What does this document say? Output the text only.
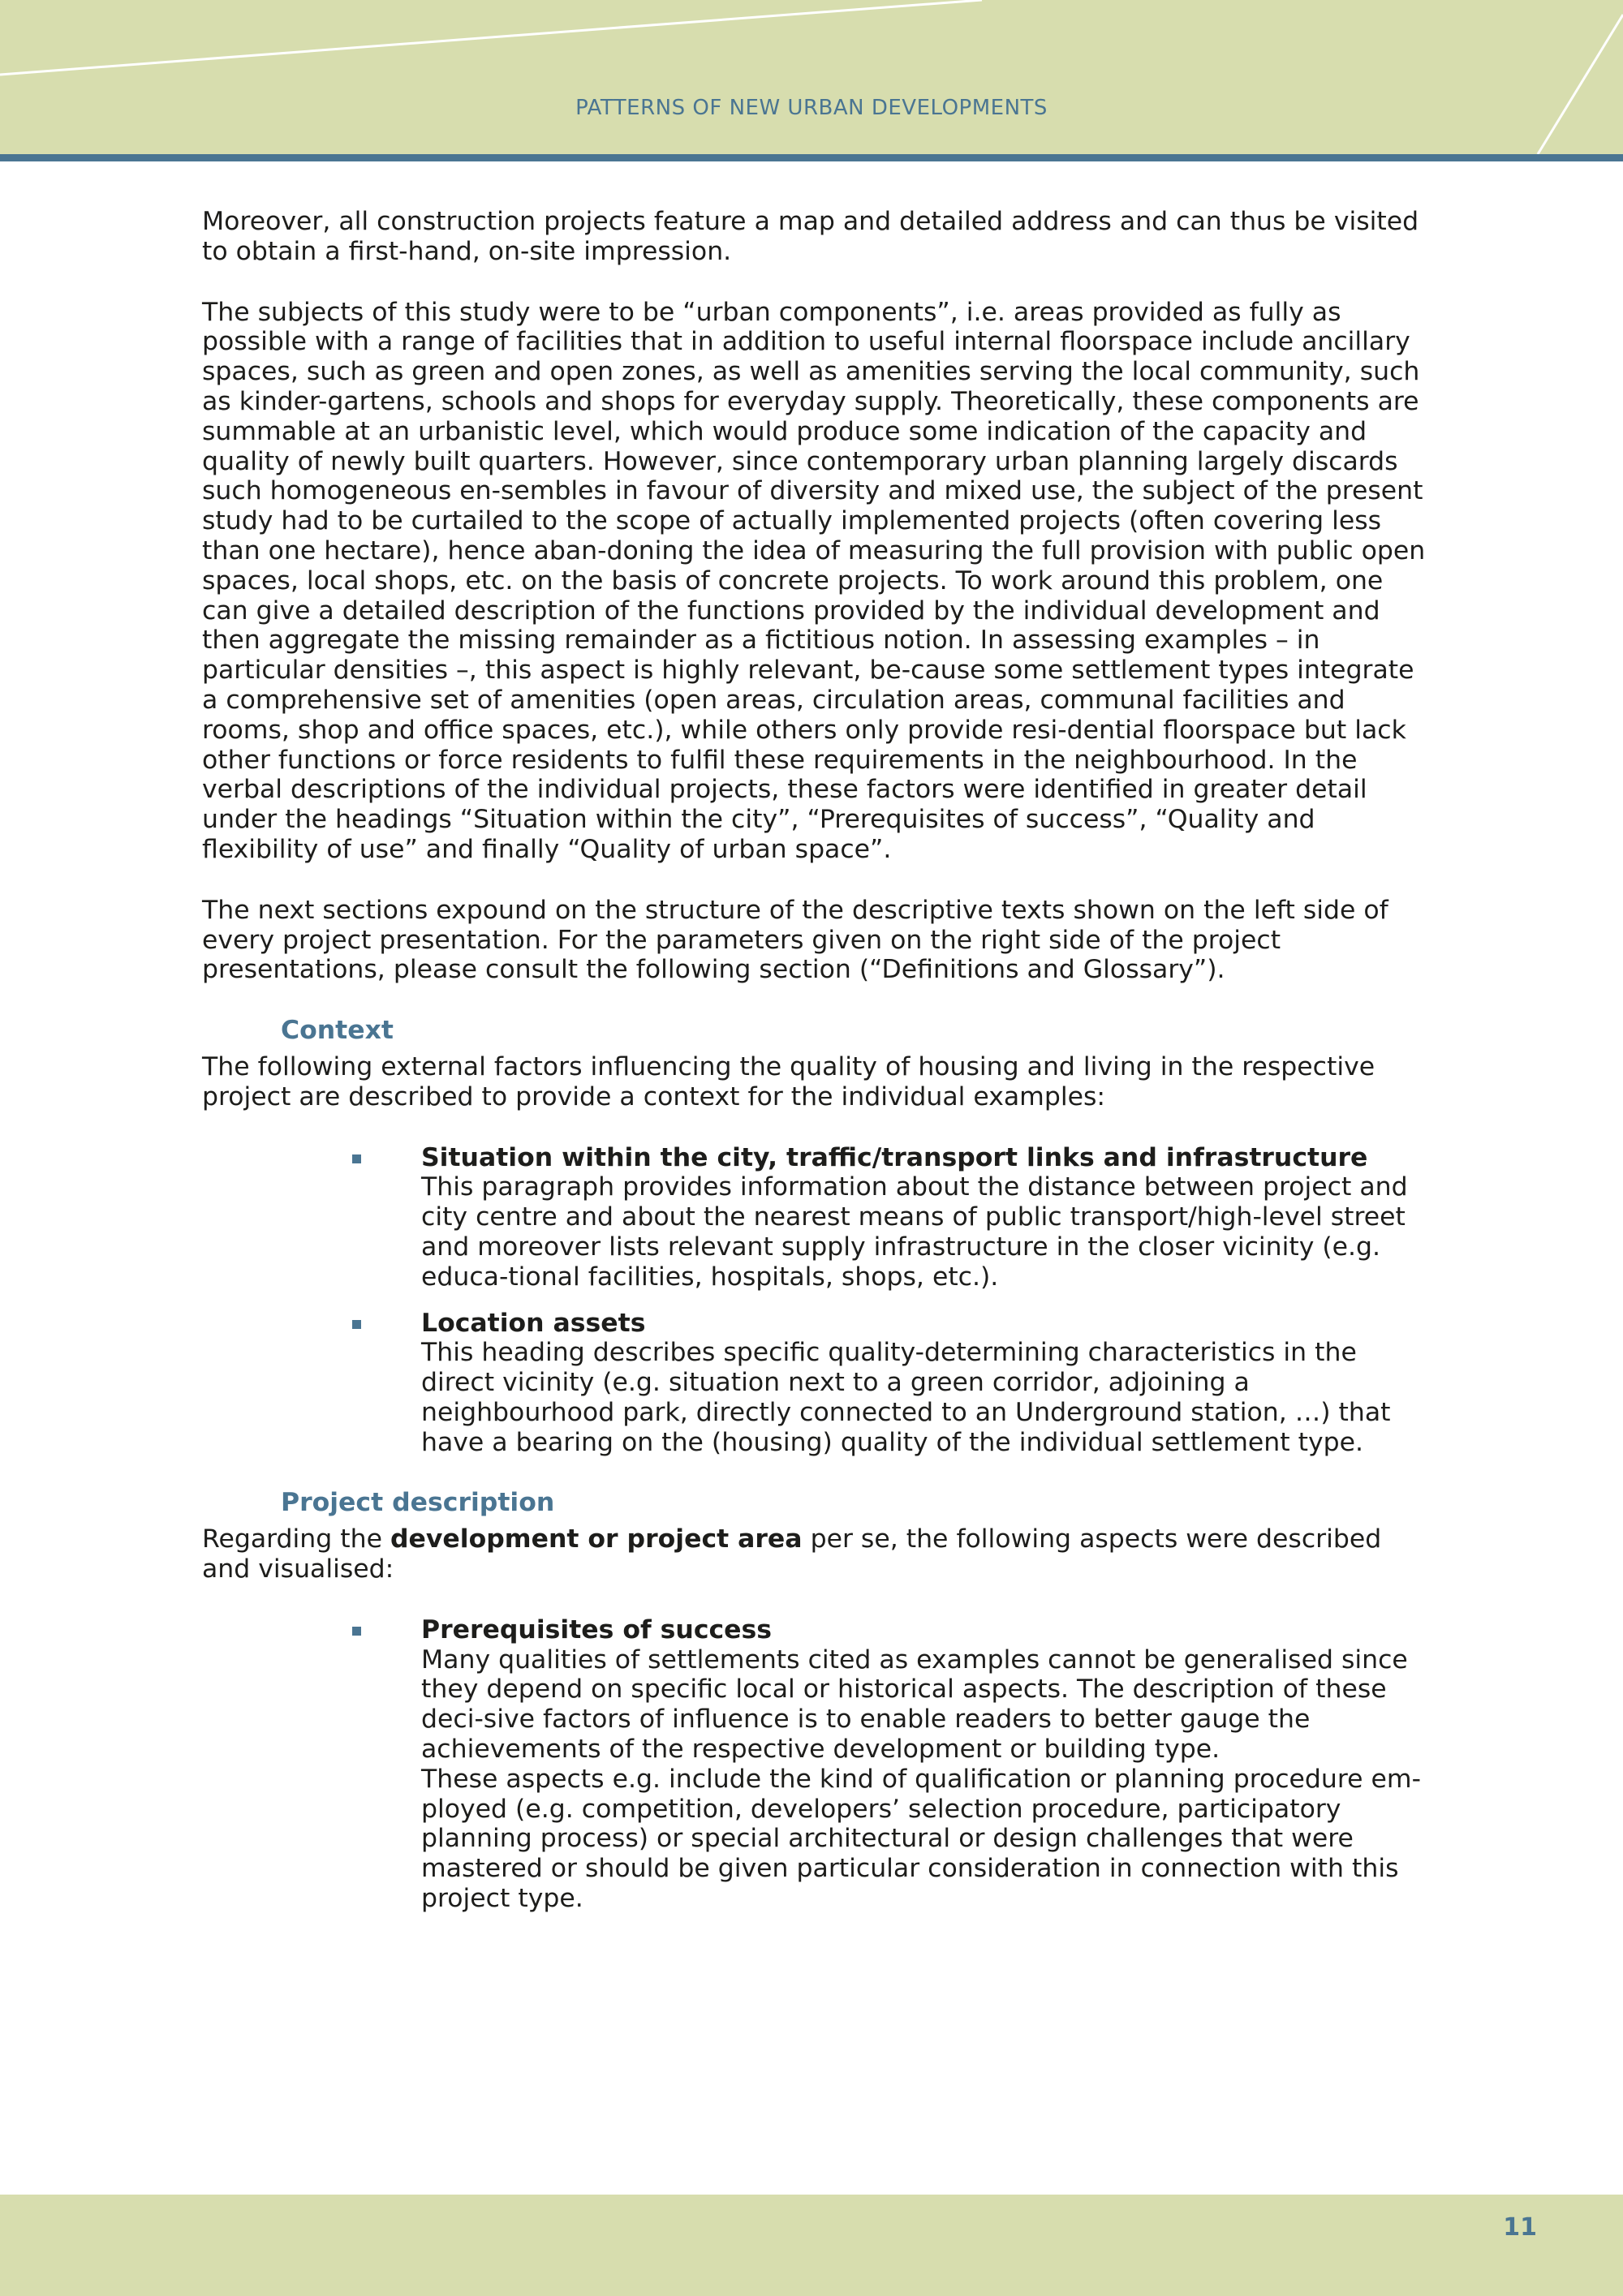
PATTERNS OF NEW URBAN DEVELOPMENTS

Moreover, all construction projects feature a map and detailed address and can thus be visited to obtain a first-hand, on-site impression.

The subjects of this study were to be “urban components”, i.e. areas provided as fully as possible with a range of facilities that in addition to useful internal floorspace include ancillary spaces, such as green and open zones, as well as amenities serving the local community, such as kinder-gartens, schools and shops for everyday supply. Theoretically, these components are summable at an urbanistic level, which would produce some indication of the capacity and quality of newly built quarters. However, since contemporary urban planning largely discards such homogeneous en-sembles in favour of diversity and mixed use, the subject of the present study had to be curtailed to the scope of actually implemented projects (often covering less than one hectare), hence aban-doning the idea of measuring the full provision with public open spaces, local shops, etc. on the basis of concrete projects. To work around this problem, one can give a detailed description of the functions provided by the individual development and then aggregate the missing remainder as a fictitious notion. In assessing examples – in particular densities –, this aspect is highly relevant, be-cause some settlement types integrate a comprehensive set of amenities (open areas, circulation areas, communal facilities and rooms, shop and office spaces, etc.), while others only provide resi-dential floorspace but lack other functions or force residents to fulfil these requirements in the neighbourhood. In the verbal descriptions of the individual projects, these factors were identified in greater detail under the headings “Situation within the city”, “Prerequisites of success”, “Quality and flexibility of use” and finally “Quality of urban space”.

The next sections expound on the structure of the descriptive texts shown on the left side of every project presentation. For the parameters given on the right side of the project presentations, please consult the following section (“Definitions and Glossary”).

Context

The following external factors influencing the quality of housing and living in the respective project are described to provide a context for the individual examples:

Situation within the city, traffic/transport links and infrastructure
This paragraph provides information about the distance between project and city centre and about the nearest means of public transport/high-level street and moreover lists relevant supply infrastructure in the closer vicinity (e.g. educa-tional facilities, hospitals, shops, etc.).
Location assets
This heading describes specific quality-determining characteristics in the direct vicinity (e.g. situation next to a green corridor, adjoining a neighbourhood park, directly connected to an Underground station, …) that have a bearing on the (housing) quality of the individual settlement type.
Project description

Regarding the development or project area per se, the following aspects were described and visualised:

Prerequisites of success
Many qualities of settlements cited as examples cannot be generalised since they depend on specific local or historical aspects. The description of these deci-sive factors of influence is to enable readers to better gauge the achievements of the respective development or building type.
These aspects e.g. include the kind of qualification or planning procedure em-ployed (e.g. competition, developers’ selection procedure, participatory planning process) or special architectural or design challenges that were mastered or should be given particular consideration in connection with this project type.
11
